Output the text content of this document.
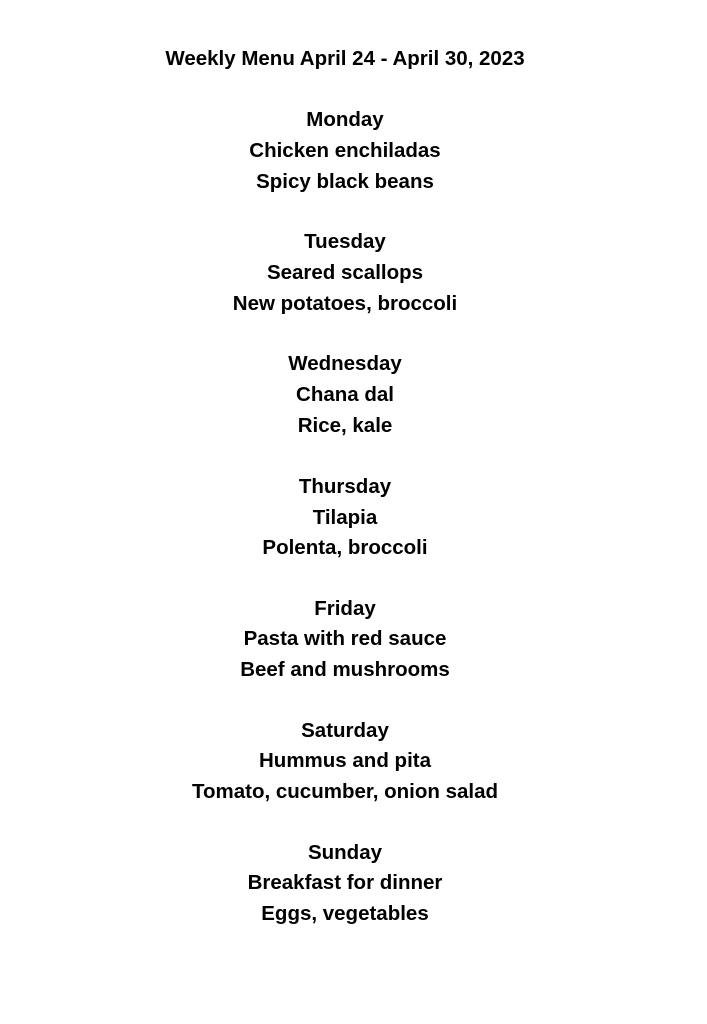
Weekly Menu April 24 - April 30, 2023
Monday
Chicken enchiladas
Spicy black beans
Tuesday
Seared scallops
New potatoes, broccoli
Wednesday
Chana dal
Rice, kale
Thursday
Tilapia
Polenta, broccoli
Friday
Pasta with red sauce
Beef and mushrooms
Saturday
Hummus and pita
Tomato, cucumber, onion salad
Sunday
Breakfast for dinner
Eggs, vegetables
